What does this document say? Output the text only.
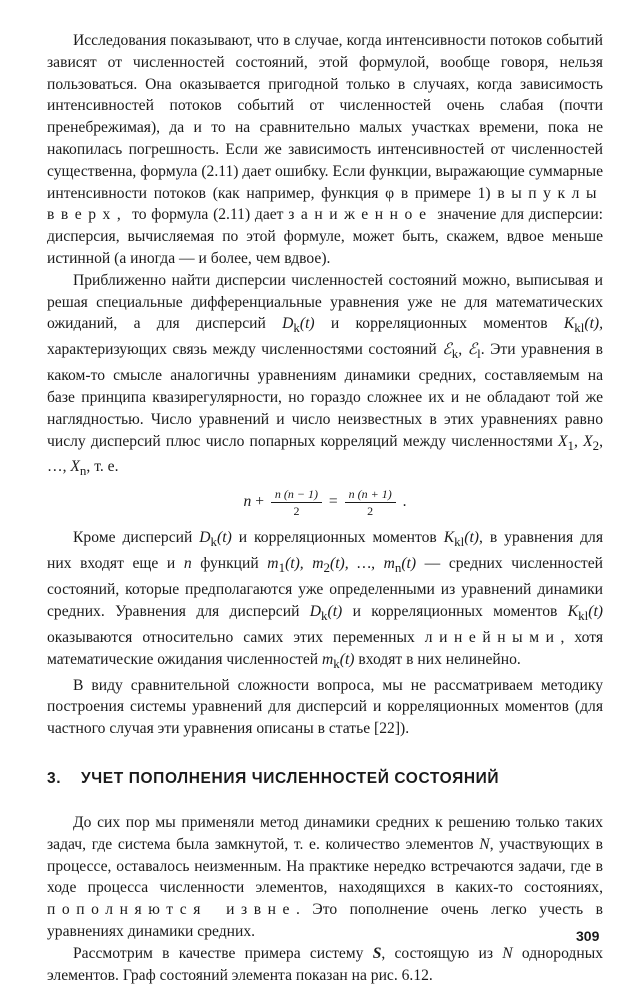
Исследования показывают, что в случае, когда интенсивности потоков событий зависят от численностей состояний, этой формулой, вообще говоря, нельзя пользоваться. Она оказывается пригодной только в случаях, когда зависимость интенсивностей потоков событий от численностей очень слабая (почти пренебрежимая), да и то на сравнительно малых участках времени, пока не накопилась погрешность. Если же зависимость интенсивностей от численностей существенна, формула (2.11) дает ошибку. Если функции, выражающие суммарные интенсивности потоков (как например, функция φ в примере 1) выпуклы вверх, то формула (2.11) дает заниженное значение для дисперсии: дисперсия, вычисляемая по этой формуле, может быть, скажем, вдвое меньше истинной (а иногда — и более, чем вдвое).

Приближенно найти дисперсии численностей состояний можно, выписывая и решая специальные дифференциальные уравнения уже не для математических ожиданий, а для дисперсий $D_k(t)$ и корреляционных моментов $K_{kl}(t)$, характеризующих связь между численностями состояний ℰ$_k$, ℰ$_l$. Эти уравнения в каком-то смысле аналогичны уравнениям динамики средних, составляемым на базе принципа квазирегулярности, но гораздо сложнее их и не обладают той же наглядностью. Число уравнений и число неизвестных в этих уравнениях равно числу дисперсий плюс число попарных корреляций между численностями $X_1$, $X_2$, …, $X_n$, т. е.

$n + \frac{n (n - 1)}{2} = \frac{n (n + 1)}{2}$ .

Кроме дисперсий $D_k(t)$ и корреляционных моментов $K_{kl}(t)$, в уравнения для них входят еще и n функций $m_1(t)$, $m_2(t)$, …, $m_n(t)$ — средних численностей состояний, которые предполагаются уже определенными из уравнений динамики средних. Уравнения для дисперсий $D_k(t)$ и корреляционных моментов $K_{kl}(t)$ оказываются относительно самих этих переменных линейными, хотя математические ожидания численностей $m_k(t)$ входят в них нелинейно.

В виду сравнительной сложности вопроса, мы не рассматриваем методику построения системы уравнений для дисперсий и корреляционных моментов (для частного случая эти уравнения описаны в статье [22]).

3. УЧЕТ ПОПОЛНЕНИЯ ЧИСЛЕННОСТЕЙ СОСТОЯНИЙ

До сих пор мы применяли метод динамики средних к решению только таких задач, где система была замкнутой, т. е. количество элементов N, участвующих в процессе, оставалось неизменным. На практике нередко встречаются задачи, где в ходе процесса численности элементов, находящихся в каких-то состояниях, пополняются извне. Это пополнение очень легко учесть в уравнениях динамики средних.

Рассмотрим в качестве примера систему S, состоящую из N однородных элементов. Граф состояний элемента показан на рис. 6.12.

309
